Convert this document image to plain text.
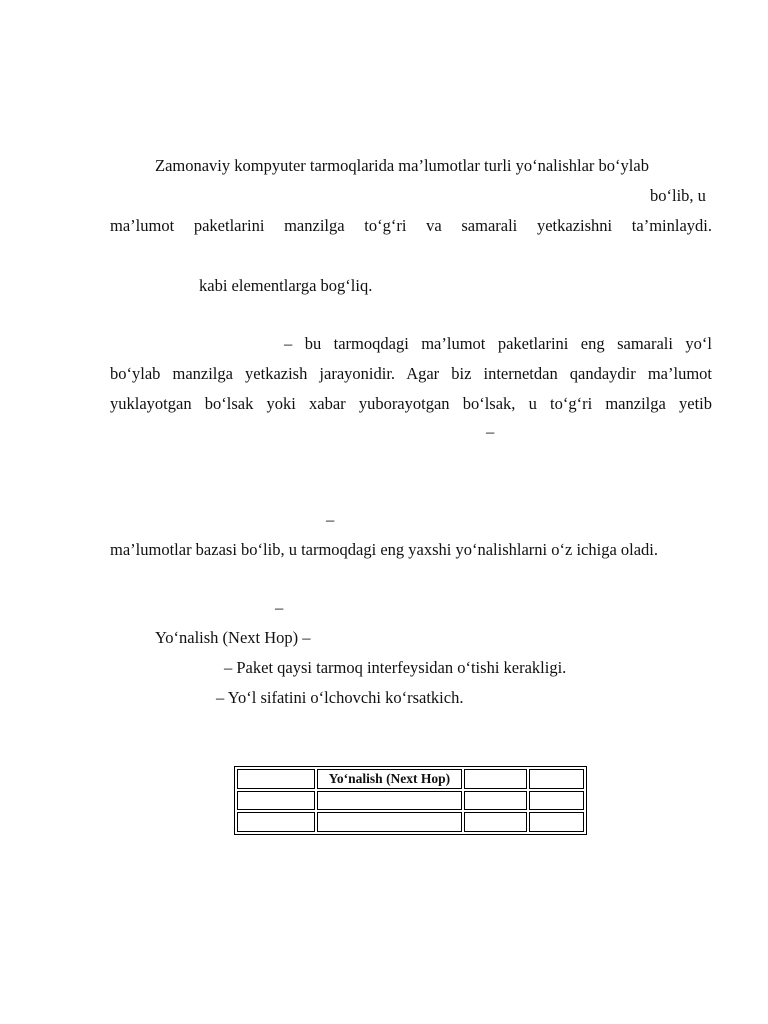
Zamonaviy kompyuter tarmoqlarida ma’lumotlar turli yo‘nalishlar bo‘ylab
bo‘lib, u
ma’lumot paketlarini manzilga to‘g‘ri va samarali yetkazishni ta’minlaydi.
kabi elementlarga bog‘liq.
– bu tarmoqdagi ma’lumot paketlarini eng samarali yo‘l
bo‘ylab manzilga yetkazish jarayonidir. Agar biz internetdan qandaydir ma’lumot
yuklayotgan bo‘lsak yoki xabar yuborayotgan bo‘lsak, u to‘g‘ri manzilga yetib
–
–
ma’lumotlar bazasi bo‘lib, u tarmoqdagi eng yaxshi yo‘nalishlarni o‘z ichiga oladi.
–
Yo‘nalish (Next Hop) –
– Paket qaysi tarmoq interfeysidan o‘tishi kerakligi.
– Yo‘l sifatini o‘lchovchi ko‘rsatkich.
	Yo‘nalish (Next Hop)		
